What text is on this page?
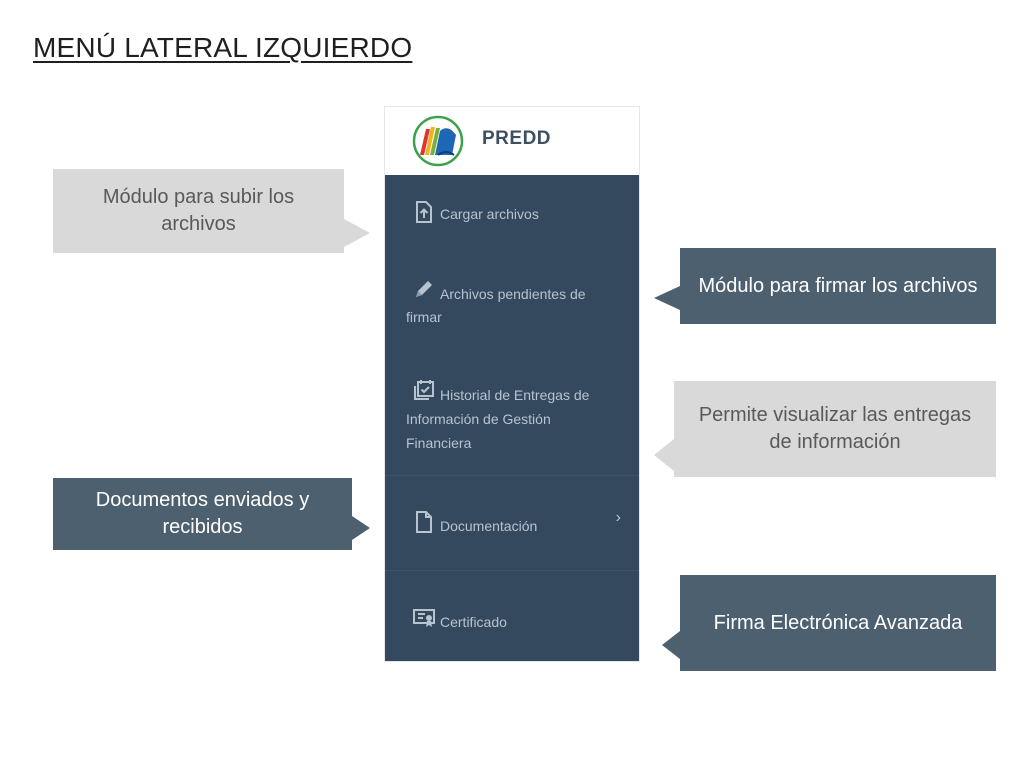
MENÚ LATERAL IZQUIERDO
PREDD
Cargar archivos
Archivos pendientes de firmar
Historial de Entregas de Información de Gestión Financiera
Documentación	›
Certificado
Módulo para subir los archivos
Módulo para firmar los archivos
Permite visualizar las entregas de información
Documentos enviados y recibidos
Firma Electrónica Avanzada
